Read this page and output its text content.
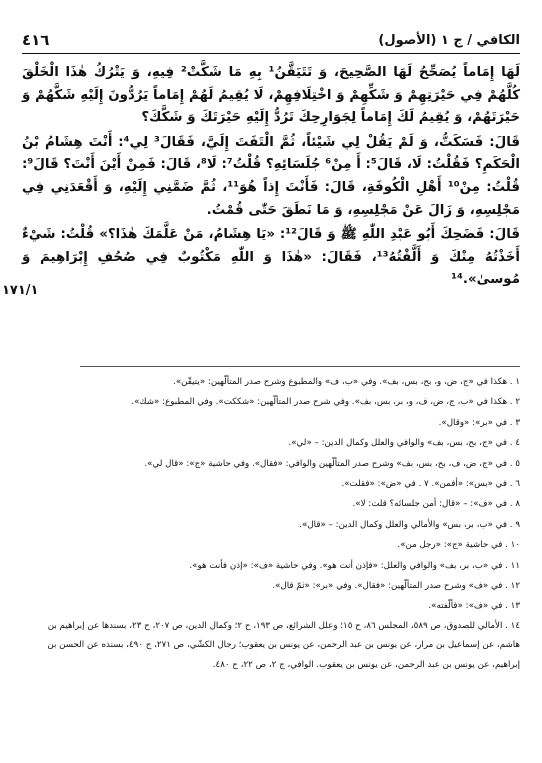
٤١٦	الكافي / ج ١ (الأصول)

لَهَا إِمَاماً يُصَحِّحُ لَهَا الصَّحِيحَ، وَ تَتَيَقَّنُ¹ بِهِ مَا شَكَّتْ² فِيهِ، وَ يَتْرُكُ هٰذَا الْخَلْقَ كُلَّهُمْ فِي حَيْرَتِهِمْ وَ شَكِّهِمْ وَ اخْتِلَافِهِمْ، لَا يُقِيمُ لَهُمْ إِمَاماً يَرُدُّونَ إِلَيْهِ شَكَّهُمْ وَ حَيْرَتَهُمْ، وَ يُقِيمُ لَكَ إِمَاماً لِجَوَارِحِكَ تَرُدُّ إِلَيْهِ حَيْرَتَكَ وَ شَكَّكَ؟

قَالَ: فَسَكَتُّ، وَ لَمْ يَقُلْ لِي شَيْئاً، ثُمَّ الْتَفَتَ إِلَيَّ، فَقَالَ³ لِي⁴: أَنْتَ هِشَامُ بْنُ الْحَكَمِ؟ فَقُلْتُ: لَا، قَالَ⁵: أَ مِنْ⁶ جُلَسَائِهِ؟ قُلْتُ⁷: لَا⁸، قَالَ: فَمِنْ أَيْنَ أَنْتَ؟ قَالَ⁹: قُلْتُ: مِنْ¹⁰ أَهْلِ الْكُوفَةِ، قَالَ: فَأَنْتَ إِذاً هُوَ¹¹، ثُمَّ ضَمَّنِي إِلَيْهِ، وَ أَقْعَدَنِي فِي مَجْلِسِهِ، وَ زَالَ عَنْ مَجْلِسِهِ، وَ مَا نَطَقَ حَتّٰى قُمْتُ.

قَالَ: فَضَحِكَ أَبُو عَبْدِ اللّٰهِ ﷺ وَ قَالَ¹²: «يَا هِشَامُ، مَنْ عَلَّمَكَ هٰذَا؟» قُلْتُ: شَيْءٌ أَخَذْتُهُ مِنْكَ وَ أَلَّفْتُهُ¹³، فَقَالَ: «هٰذَا وَ اللّٰهِ مَكْتُوبٌ فِي صُحُفِ إِبْرَاهِيمَ وَ مُوسىٰ».¹⁴

١٧١/١

١ . هكذا في «ج، ض، و، بح، بس، بف». وفي «ب، ف» والمطبوع وشرح صدر المتألّهين: «يتيقّن».

٢ . هكذا في «ب، ج، ض، ف، و، بر، بس، بف». وفي شرح صدر المتألّهين: «شككت». وفي المطبوع: «شك».

٣ . في «بر»: «وقال».

٤ . في «ج، بح، بس، بف» والوافي والعلل وكمال الدين: – «لي».

٥ . في «ج، ض، ف، بح، بس، بف» وشرح صدر المتألّهين والوافي: «فقال». وفي حاشية «ج»: «قال لي».

٦ . في «بس»: «أفمن». ٧ . في «ض»: «فقلت».

٨ . في «ف»: – «قال: أمن جلسائه؟ قلت: لا».

٩ . في «ب، بر، بس» والأمالي والعلل وكمال الدين: – «قال».

١٠ . في حاشية «ج»: «رجل من».

١١ . في «ب، بر، بف» والوافي والعلل: «فإذن أنت هو». وفي حاشية «ف»: «إذن فأنت هو».

١٢ . في «ف» وشرح صدر المتألّهين: «فقال». وفي «بر»: «ثمّ قال».

١٣ . في «ف»: «فألّفته».

١٤ . الأمالي للصدوق، ص ٥٨٩، المجلس ٨٦، ح ١٥؛ وعلل الشرائع، ص ١٩٣، ح ٢؛ وكمال الدين، ص ٢٠٧، ح ٢٣، بسندها عن إبراهيم بن هاشم، عن إسماعيل بن مرار، عن يونس بن عبد الرحمن، عن يونس بن يعقوب؛ رجال الكشّي، ص ٢٧١، ح ٤٩٠، بسنده عن الحسن بن إبراهيم، عن يونس بن عبد الرحمن، عن يونس بن يعقوب. الوافي، ج ٢، ص ٢٢، ح ٤٨٠.
